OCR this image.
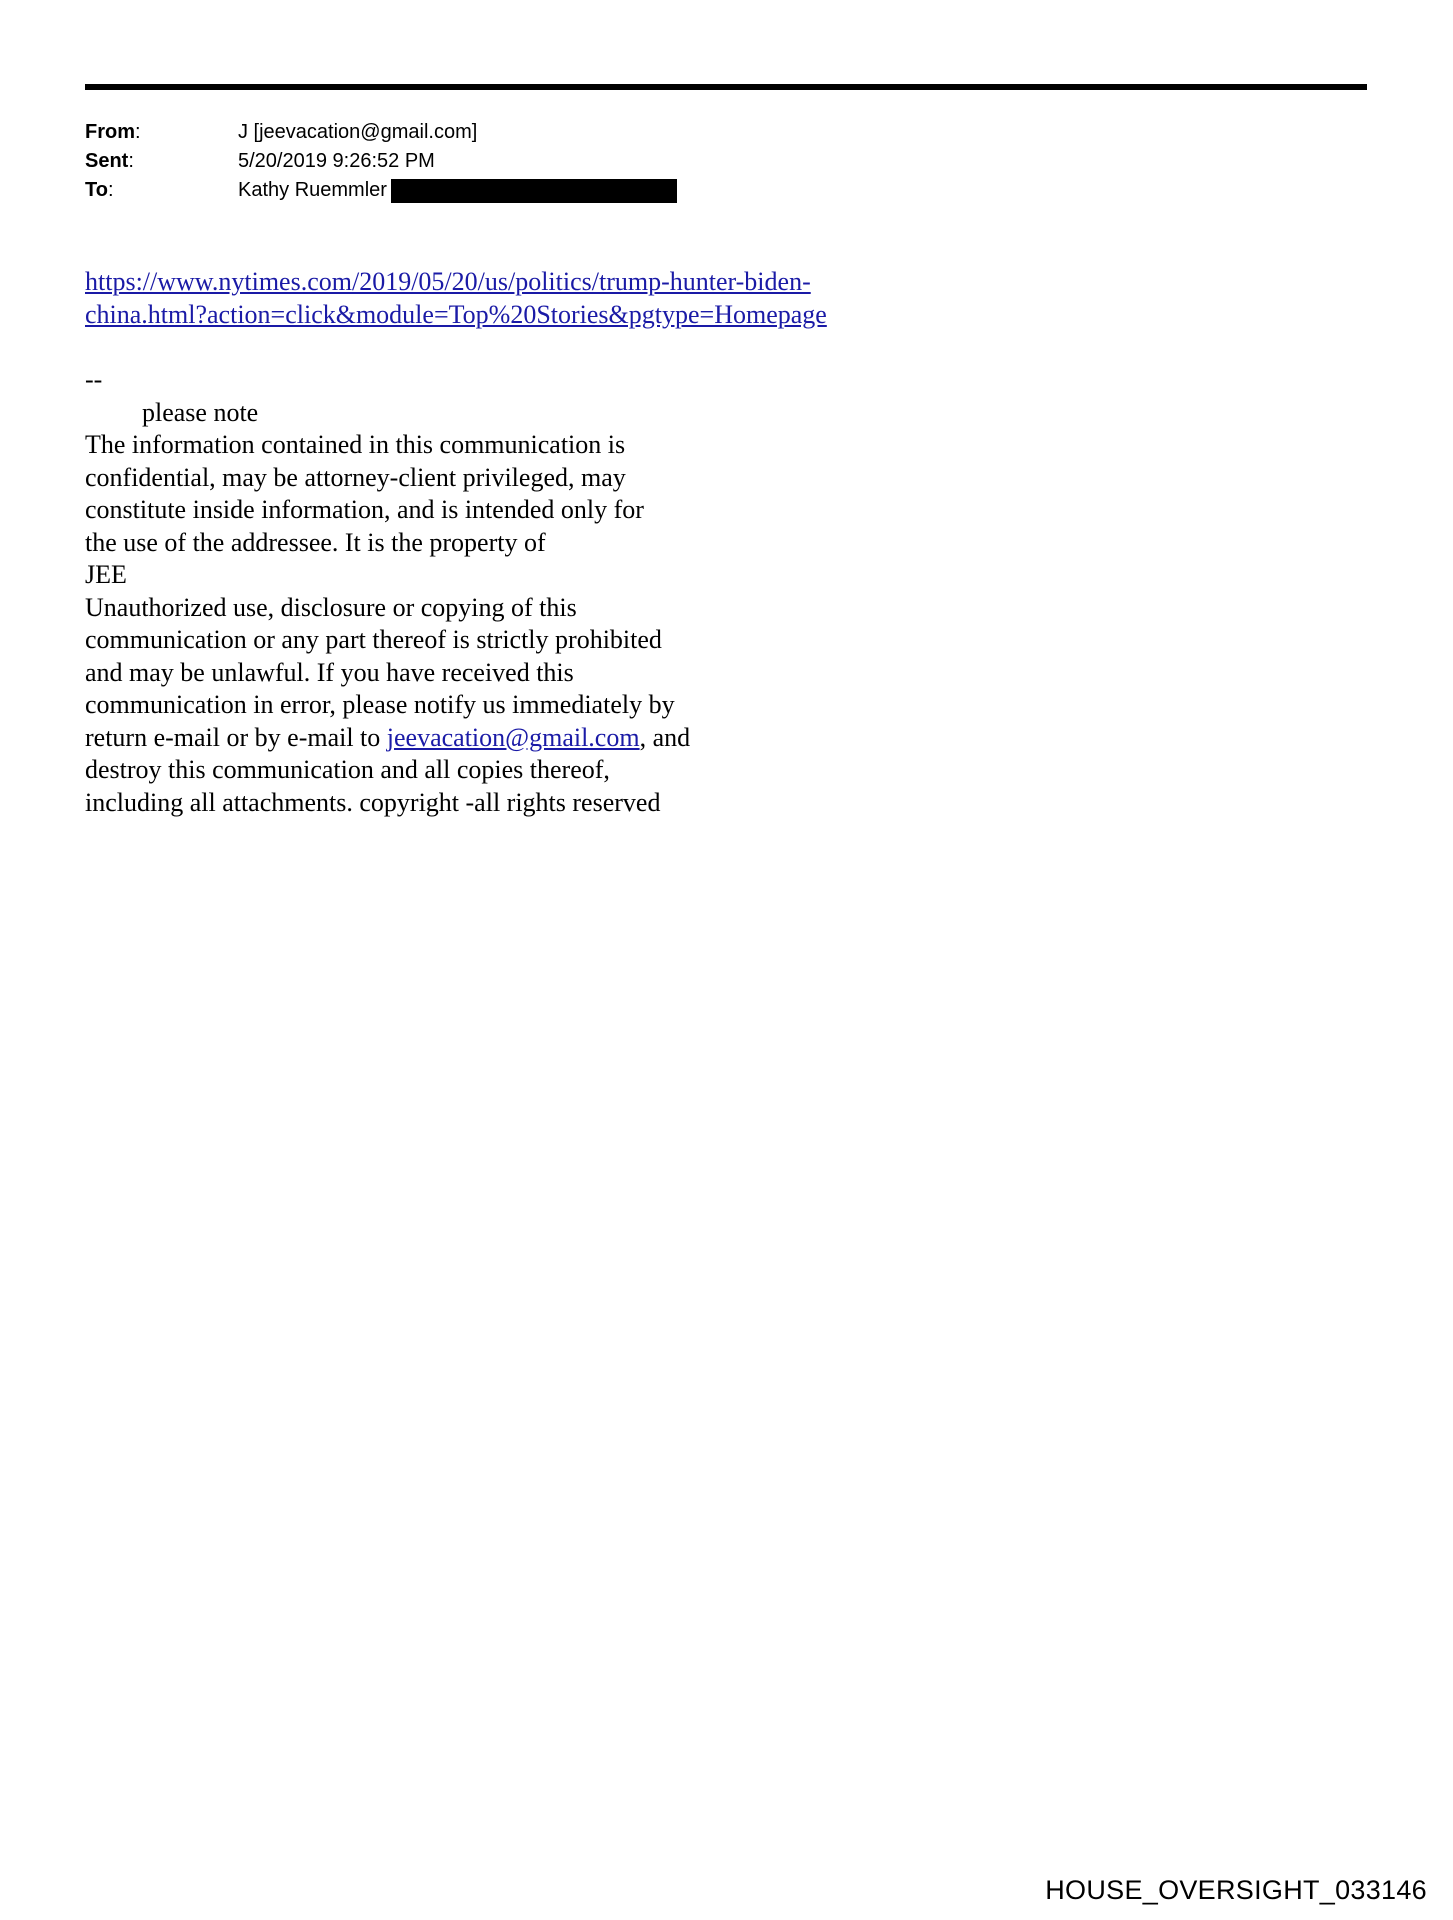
From:	J [jeevacation@gmail.com]
Sent:	5/20/2019 9:26:52 PM
To:	Kathy Ruemmler
https://www.nytimes.com/2019/05/20/us/politics/trump-hunter-biden-
china.html?action=click&module=Top%20Stories&pgtype=Homepage
--
please note
The information contained in this communication is
confidential, may be attorney-client privileged, may
constitute inside information, and is intended only for
the use of the addressee. It is the property of
JEE
Unauthorized use, disclosure or copying of this
communication or any part thereof is strictly prohibited
and may be unlawful. If you have received this
communication in error, please notify us immediately by
return e-mail or by e-mail to jeevacation@gmail.com, and
destroy this communication and all copies thereof,
including all attachments. copyright -all rights reserved
HOUSE_OVERSIGHT_033146
